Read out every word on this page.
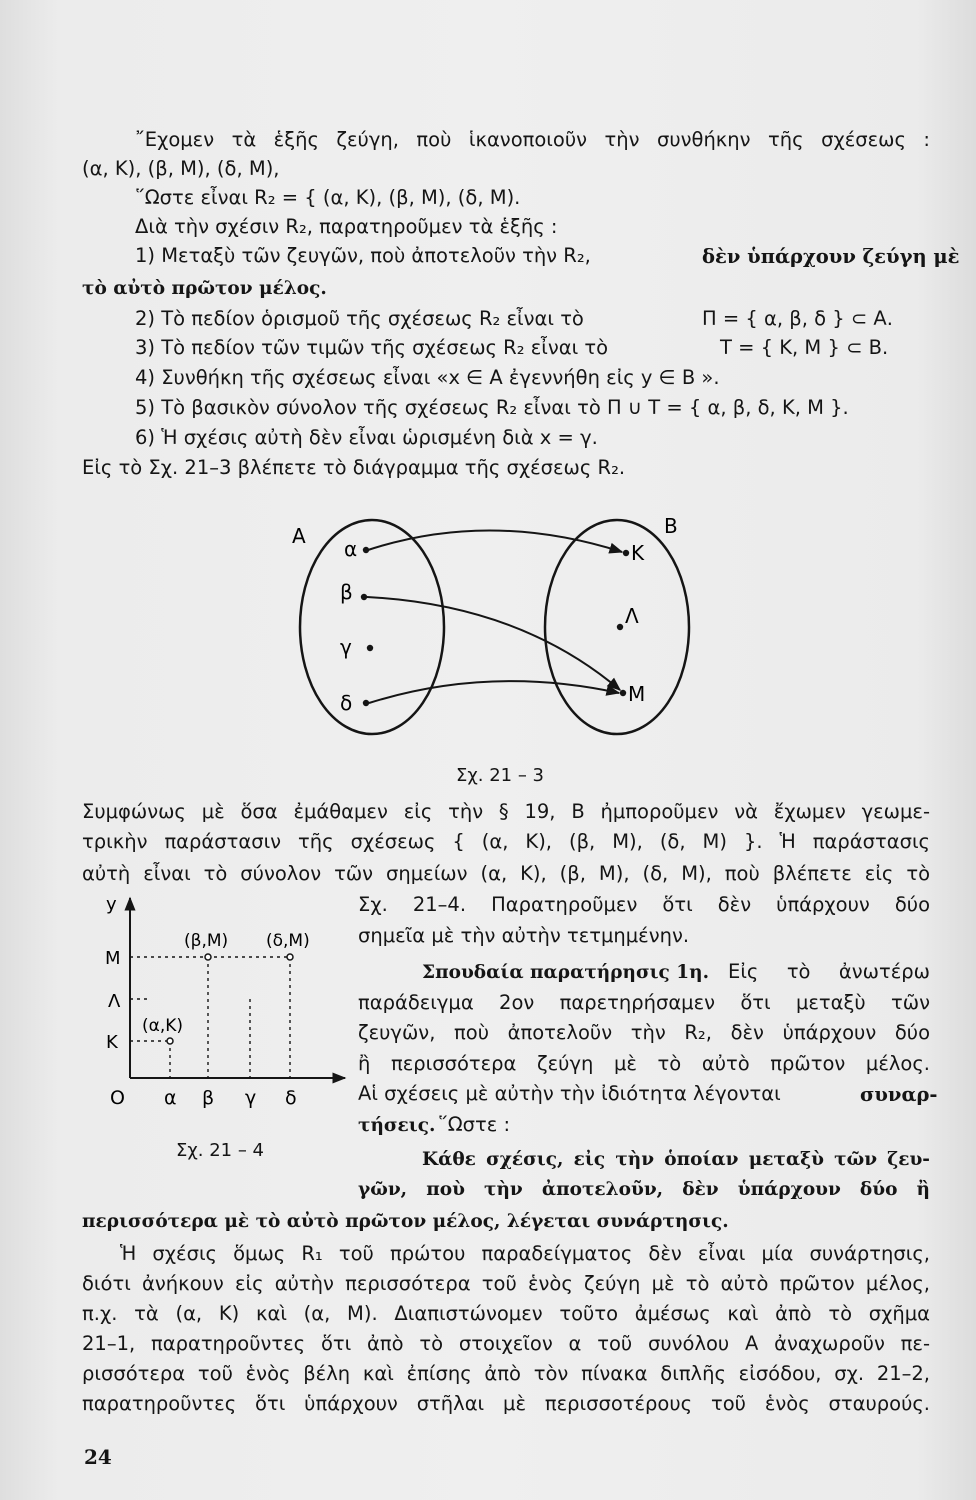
῎Εχομεν τὰ ἑξῆς ζεύγη, ποὺ ἱκανοποιοῦν τὴν συνθήκην τῆς σχέσεως :
(α, Κ), (β, Μ), (δ, Μ),
῞Ωστε εἶναι R₂ = { (α, Κ), (β, Μ), (δ, Μ).
Διὰ τὴν σχέσιν R₂, παρατηροῦμεν τὰ ἑξῆς :
1) Μεταξὺ τῶν ζευγῶν, ποὺ ἀποτελοῦν τὴν R₂,	δὲν ὑπάρχουν ζεύγη μὲ
τὸ αὐτὸ πρῶτον μέλος.
2) Τὸ πεδίον ὁρισμοῦ τῆς σχέσεως R₂ εἶναι τὸ	Π = { α, β, δ } ⊂ Α.
3) Τὸ πεδίον τῶν τιμῶν τῆς σχέσεως R₂ εἶναι τὸ	Τ = { Κ, Μ } ⊂ Β.
4) Συνθήκη τῆς σχέσεως εἶναι «x ∈ A ἐγεννήθη εἰς y ∈ B ».
5) Τὸ βασικὸν σύνολον τῆς σχέσεως R₂ εἶναι τὸ Π ∪ Τ = { α, β, δ, Κ, Μ }.
6) Ἡ σχέσις αὐτὴ δὲν εἶναι ὡρισμένη διὰ x = γ.
Εἰς τὸ Σχ. 21–3 βλέπετε τὸ διάγραμμα τῆς σχέσεως R₂.
A	B
α
β
γ
δ
Κ
Λ
Μ
Σχ. 21 – 3
Συμφώνως μὲ ὅσα ἐμάθαμεν εἰς τὴν § 19, Β ἠμποροῦμεν νὰ ἔχωμεν γεωμε-
τρικὴν παράστασιν τῆς σχέσεως { (α, Κ), (β, Μ), (δ, Μ) }. Ἡ παράστασις
αὐτὴ εἶναι τὸ σύνολον τῶν σημείων (α, Κ), (β, Μ), (δ, Μ), ποὺ βλέπετε εἰς τὸ
y
O
Μ
Λ
Κ
α β γ δ
(β,Μ) (δ,Μ)
(α,Κ)
Σχ. 21 – 4
Σχ. 21–4. Παρατηροῦμεν ὅτι δὲν ὑπάρχουν δύο
σημεῖα μὲ τὴν αὐτὴν τετμημένην.
Σπουδαία παρατήρησις 1η. Εἰς τὸ ἀνωτέρω
παράδειγμα 2ον παρετηρήσαμεν ὅτι μεταξὺ τῶν
ζευγῶν, ποὺ ἀποτελοῦν τὴν R₂, δὲν ὑπάρχουν δύο
ἢ περισσότερα ζεύγη μὲ τὸ αὐτὸ πρῶτον μέλος.
Αἱ σχέσεις μὲ αὐτὴν τὴν ἰδιότητα λέγονται	συναρ-
τήσεις. ῞Ωστε :
Κάθε σχέσις, εἰς τὴν ὁποίαν μεταξὺ τῶν ζευ-
γῶν, ποὺ τὴν ἀποτελοῦν, δὲν ὑπάρχουν δύο ἢ
περισσότερα μὲ τὸ αὐτὸ πρῶτον μέλος, λέγεται συνάρτησις.
Ἡ σχέσις ὅμως R₁ τοῦ πρώτου παραδείγματος δὲν εἶναι μία συνάρτησις,
διότι ἀνήκουν εἰς αὐτὴν περισσότερα τοῦ ἑνὸς ζεύγη μὲ τὸ αὐτὸ πρῶτον μέλος,
π.χ. τὰ (α, Κ) καὶ (α, Μ). Διαπιστώνομεν τοῦτο ἀμέσως καὶ ἀπὸ τὸ σχῆμα
21–1, παρατηροῦντες ὅτι ἀπὸ τὸ στοιχεῖον α τοῦ συνόλου Α ἀναχωροῦν πε-
ρισσότερα τοῦ ἑνὸς βέλη καὶ ἐπίσης ἀπὸ τὸν πίνακα διπλῆς εἰσόδου, σχ. 21–2,
παρατηροῦντες ὅτι ὑπάρχουν στῆλαι μὲ περισσοτέρους τοῦ ἑνὸς σταυρούς.
24
